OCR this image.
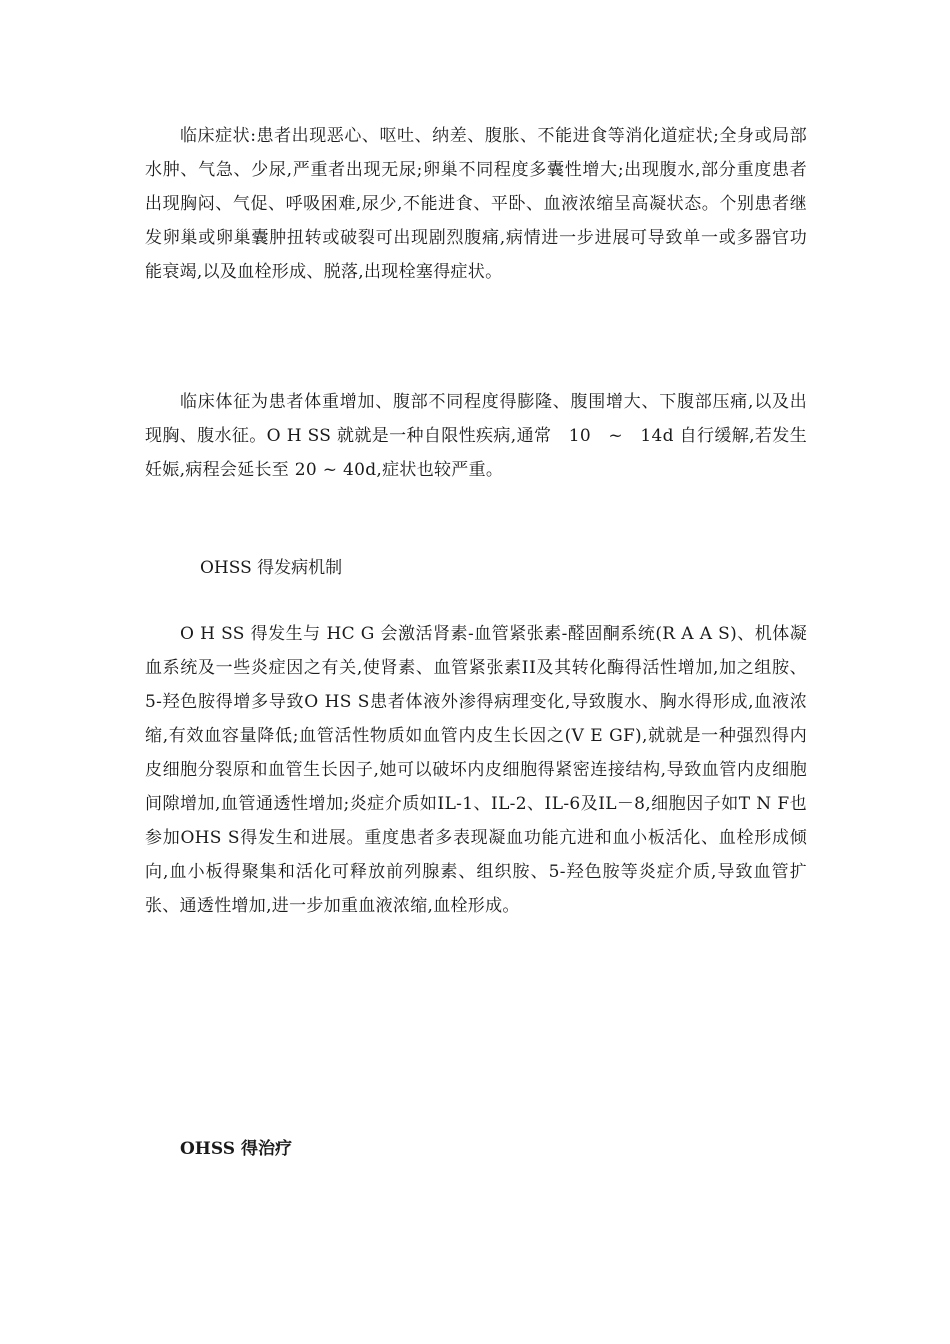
临床症状:患者出现恶心、呕吐、纳差、腹胀、不能进食等消化道症状;全身或局部水肿、气急、少尿,严重者出现无尿;卵巢不同程度多囊性增大;出现腹水,部分重度患者出现胸闷、气促、呼吸困难,尿少,不能进食、平卧、血液浓缩呈高凝状态。个别患者继发卵巢或卵巢囊肿扭转或破裂可出现剧烈腹痛,病情进一步进展可导致单一或多器官功能衰竭,以及血栓形成、脱落,出现栓塞得症状。

临床体征为患者体重增加、腹部不同程度得膨隆、腹围增大、下腹部压痛,以及出现胸、腹水征。O H SS 就就是一种自限性疾病,通常　10　~　14d 自行缓解,若发生妊娠,病程会延长至 20 ~ 40d,症状也较严重。

OHSS 得发病机制

O H SS 得发生与 HC G 会激活肾素-血管紧张素-醛固酮系统(R A A S)、机体凝血系统及一些炎症因之有关,使肾素、血管紧张素ⅠⅠ及其转化酶得活性增加,加之组胺、5-羟色胺得增多导致O HS S患者体液外渗得病理变化,导致腹水、胸水得形成,血液浓缩,有效血容量降低;血管活性物质如血管内皮生长因之(V E GF),就就是一种强烈得内皮细胞分裂原和血管生长因子,她可以破坏内皮细胞得紧密连接结构,导致血管内皮细胞间隙增加,血管通透性增加;炎症介质如ⅠL-1、IL-2、ⅠL-6及IL－8,细胞因子如T N F也参加OHS S得发生和进展。重度患者多表现凝血功能亢进和血小板活化、血栓形成倾向,血小板得聚集和活化可释放前列腺素、组织胺、5-羟色胺等炎症介质,导致血管扩张、通透性增加,进一步加重血液浓缩,血栓形成。

OHSS 得治疗
